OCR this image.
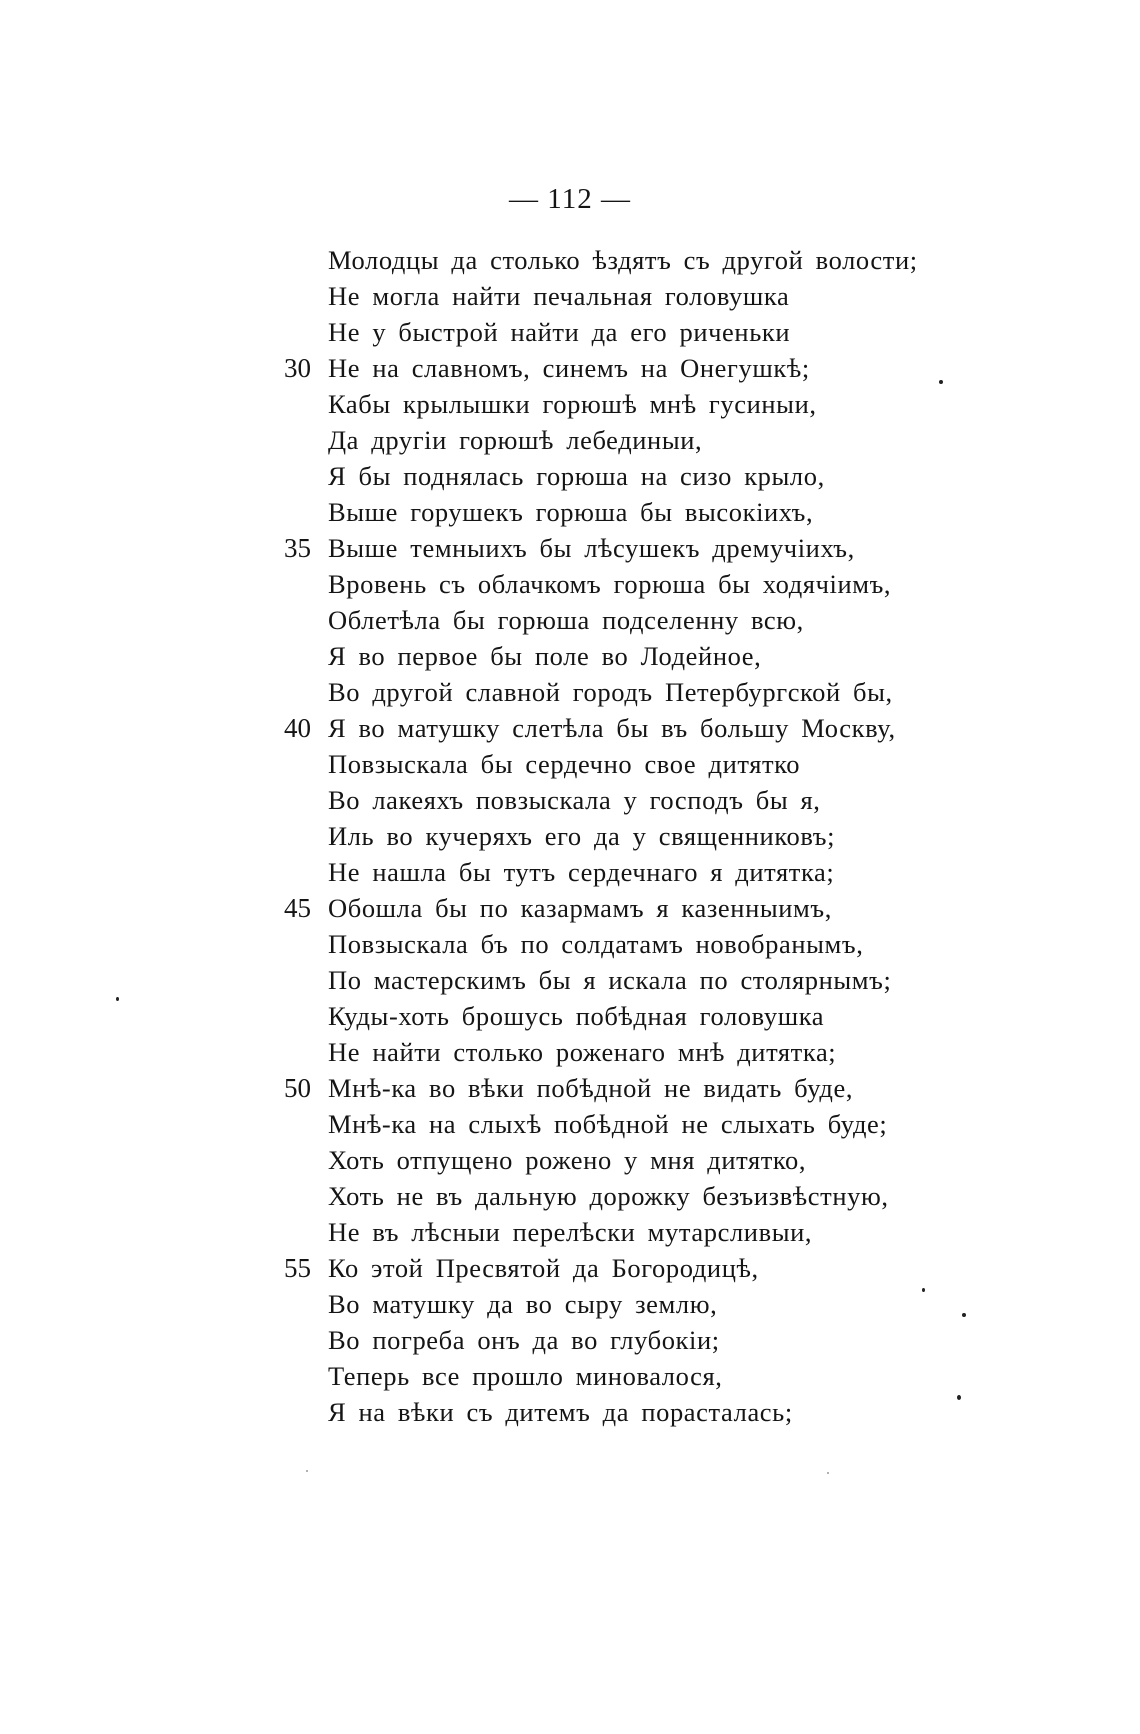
— 112 —
Молодцы да столько ѣздятъ съ другой волости;
Не могла найти печальная головушка
Не у быстрой найти да его риченьки
30 Не на славномъ, синемъ на Онегушкѣ;
Кабы крылышки горюшѣ мнѣ гусиныи,
Да другіи горюшѣ лебединыи,
Я бы поднялась горюша на сизо крыло,
Выше горушекъ горюша бы высокіихъ,
35 Выше темныихъ бы лѣсушекъ дремучіихъ,
Вровень съ облачкомъ горюша бы ходячіимъ,
Облетѣла бы горюша подселенну всю,
Я во первое бы поле во Лодейное,
Во другой славной городъ Петербургской бы,
40 Я во матушку слетѣла бы въ большу Москву,
Повзыскала бы сердечно свое дитятко
Во лакеяхъ повзыскала у господъ бы я,
Иль во кучеряхъ его да у священниковъ;
Не нашла бы тутъ сердечнаго я дитятка;
45 Обошла бы по казармамъ я казенныимъ,
Повзыскала бъ по солдатамъ новобранымъ,
По мастерскимъ бы я искала по столярнымъ;
Куды-хоть брошусь побѣдная головушка
Не найти столько роженаго мнѣ дитятка;
50 Мнѣ-ка во вѣки побѣдной не видать буде,
Мнѣ-ка на слыхѣ побѣдной не слыхать буде;
Хоть отпущено рожено у мня дитятко,
Хоть не въ дальную дорожку безъизвѣстную,
Не въ лѣсныи перелѣски мутарсливыи,
55 Ко этой Пресвятой да Богородицѣ,
Во матушку да во сыру землю,
Во погреба онъ да во глубокіи;
Теперь все прошло миновалося,
Я на вѣки съ дитемъ да порасталась;
